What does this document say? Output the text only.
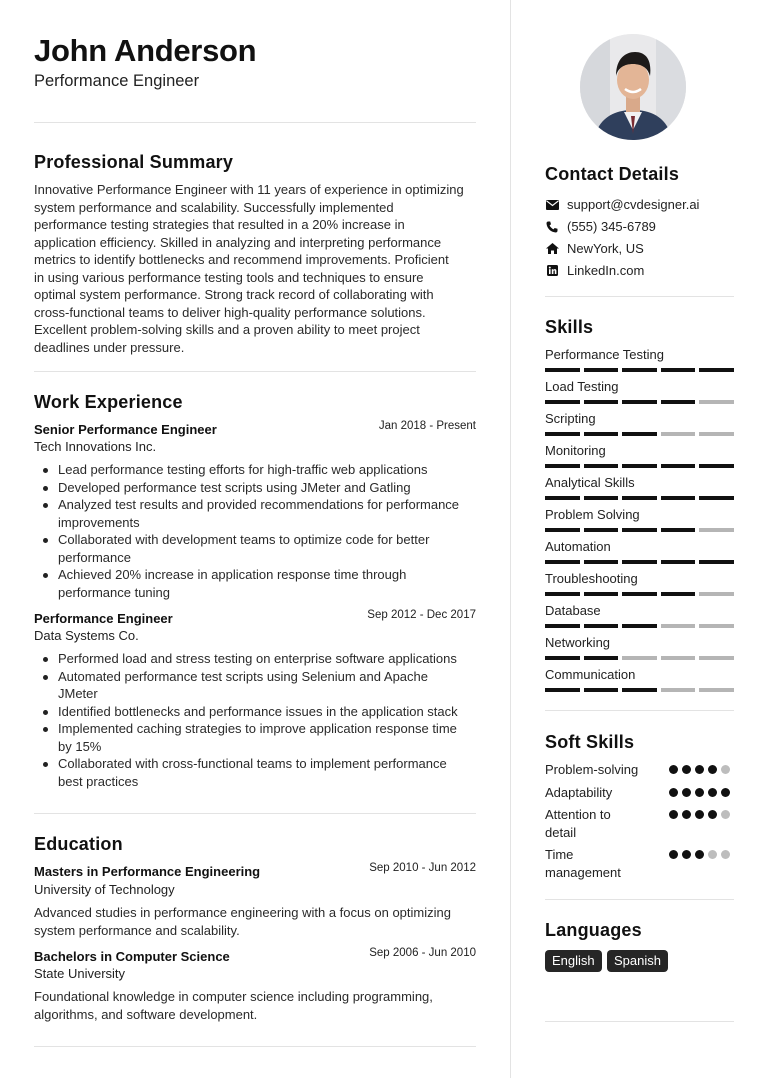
John Anderson
Performance Engineer
Professional Summary
Innovative Performance Engineer with 11 years of experience in optimizing
system performance and scalability. Successfully implemented
performance testing strategies that resulted in a 20% increase in
application efficiency. Skilled in analyzing and interpreting performance
metrics to identify bottlenecks and recommend improvements. Proficient
in using various performance testing tools and techniques to ensure
optimal system performance. Strong track record of collaborating with
cross-functional teams to deliver high-quality performance solutions.
Excellent problem-solving skills and a proven ability to meet project
deadlines under pressure.
Work Experience
Senior Performance Engineer	Jan 2018 - Present
Tech Innovations Inc.
Lead performance testing efforts for high-traffic web applications
Developed performance test scripts using JMeter and Gatling
Analyzed test results and provided recommendations for performance
improvements
Collaborated with development teams to optimize code for better
performance
Achieved 20% increase in application response time through
performance tuning
Performance Engineer	Sep 2012 - Dec 2017
Data Systems Co.
Performed load and stress testing on enterprise software applications
Automated performance test scripts using Selenium and Apache
JMeter
Identified bottlenecks and performance issues in the application stack
Implemented caching strategies to improve application response time
by 15%
Collaborated with cross-functional teams to implement performance
best practices
Education
Masters in Performance Engineering	Sep 2010 - Jun 2012
University of Technology
Advanced studies in performance engineering with a focus on optimizing
system performance and scalability.
Bachelors in Computer Science	Sep 2006 - Jun 2010
State University
Foundational knowledge in computer science including programming,
algorithms, and software development.
Contact Details
support@cvdesigner.ai
(555) 345-6789
NewYork, US
LinkedIn.com
Skills
Performance Testing
Load Testing
Scripting
Monitoring
Analytical Skills
Problem Solving
Automation
Troubleshooting
Database
Networking
Communication
Soft Skills
Problem-solving
Adaptability
Attention to
detail
Time
management
Languages
English	Spanish
